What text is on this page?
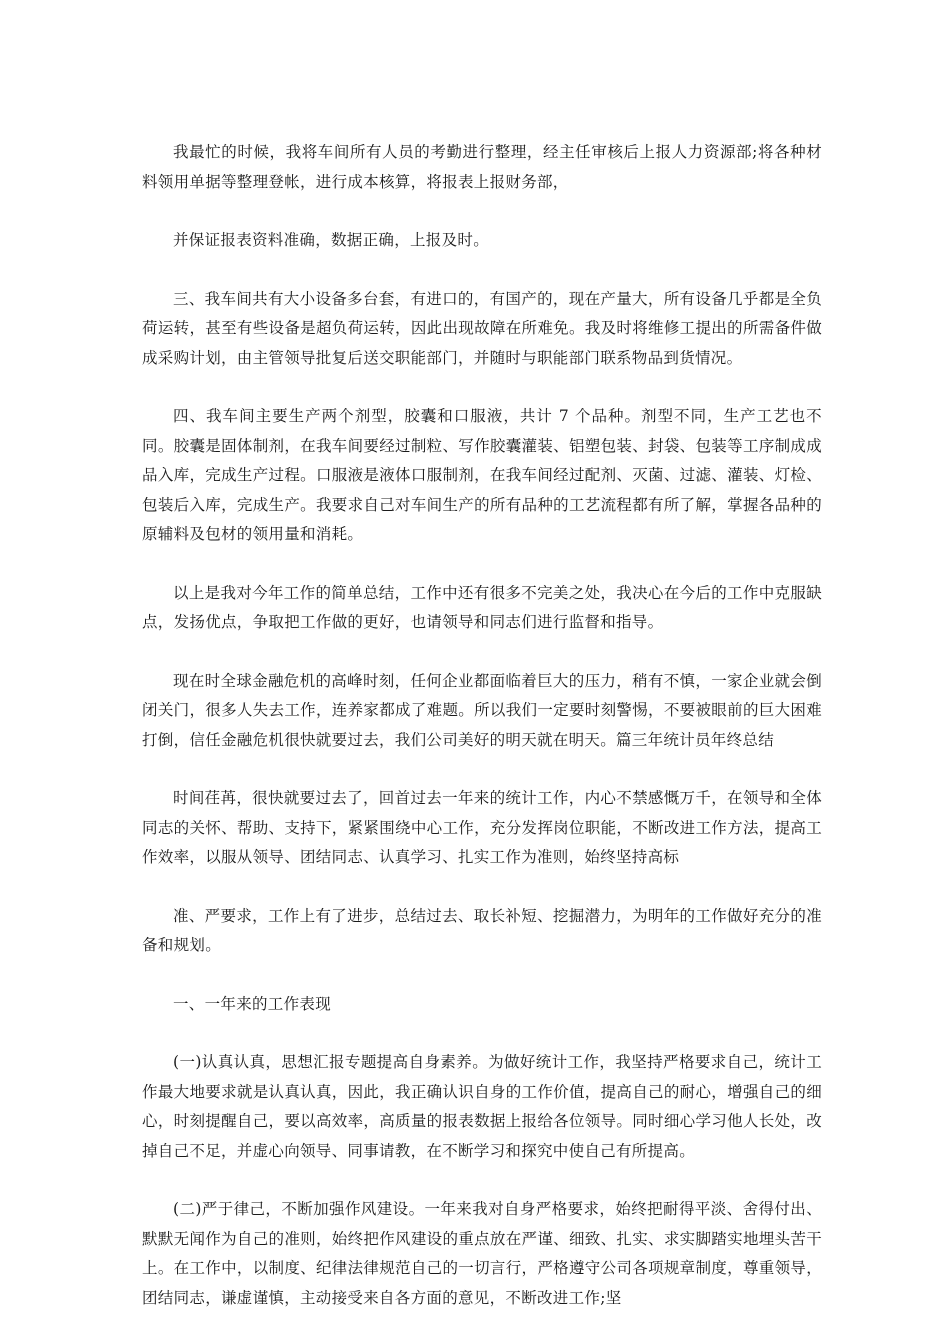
我最忙的时候，我将车间所有人员的考勤进行整理，经主任审核后上报人力资源部;将各种材料领用单据等整理登帐，进行成本核算，将报表上报财务部，

并保证报表资料准确，数据正确，上报及时。

三、我车间共有大小设备多台套，有进口的，有国产的，现在产量大，所有设备几乎都是全负荷运转，甚至有些设备是超负荷运转，因此出现故障在所难免。我及时将维修工提出的所需备件做成采购计划，由主管领导批复后送交职能部门，并随时与职能部门联系物品到货情况。

四、我车间主要生产两个剂型，胶囊和口服液，共计 7 个品种。剂型不同，生产工艺也不同。胶囊是固体制剂，在我车间要经过制粒、写作胶囊灌装、铝塑包装、封袋、包装等工序制成成品入库，完成生产过程。口服液是液体口服制剂，在我车间经过配剂、灭菌、过滤、灌装、灯检、包装后入库，完成生产。我要求自己对车间生产的所有品种的工艺流程都有所了解，掌握各品种的原辅料及包材的领用量和消耗。

以上是我对今年工作的简单总结，工作中还有很多不完美之处，我决心在今后的工作中克服缺点，发扬优点，争取把工作做的更好，也请领导和同志们进行监督和指导。

现在时全球金融危机的高峰时刻，任何企业都面临着巨大的压力，稍有不慎，一家企业就会倒闭关门，很多人失去工作，连养家都成了难题。所以我们一定要时刻警惕，不要被眼前的巨大困难打倒，信任金融危机很快就要过去，我们公司美好的明天就在明天。篇三年统计员年终总结

时间荏苒，很快就要过去了，回首过去一年来的统计工作，内心不禁感慨万千，在领导和全体同志的关怀、帮助、支持下，紧紧围绕中心工作，充分发挥岗位职能，不断改进工作方法，提高工作效率，以服从领导、团结同志、认真学习、扎实工作为准则，始终坚持高标

准、严要求，工作上有了进步，总结过去、取长补短、挖掘潜力，为明年的工作做好充分的准备和规划。

一、一年来的工作表现

(一)认真认真，思想汇报专题提高自身素养。为做好统计工作，我坚持严格要求自己，统计工作最大地要求就是认真认真，因此，我正确认识自身的工作价值，提高自己的耐心，增强自己的细心，时刻提醒自己，要以高效率，高质量的报表数据上报给各位领导。同时细心学习他人长处，改掉自己不足，并虚心向领导、同事请教，在不断学习和探究中使自己有所提高。

(二)严于律己，不断加强作风建设。一年来我对自身严格要求，始终把耐得平淡、舍得付出、默默无闻作为自己的准则，始终把作风建设的重点放在严谨、细致、扎实、求实脚踏实地埋头苦干上。在工作中，以制度、纪律法律规范自己的一切言行，严格遵守公司各项规章制度，尊重领导，团结同志，谦虚谨慎，主动接受来自各方面的意见，不断改进工作;坚
